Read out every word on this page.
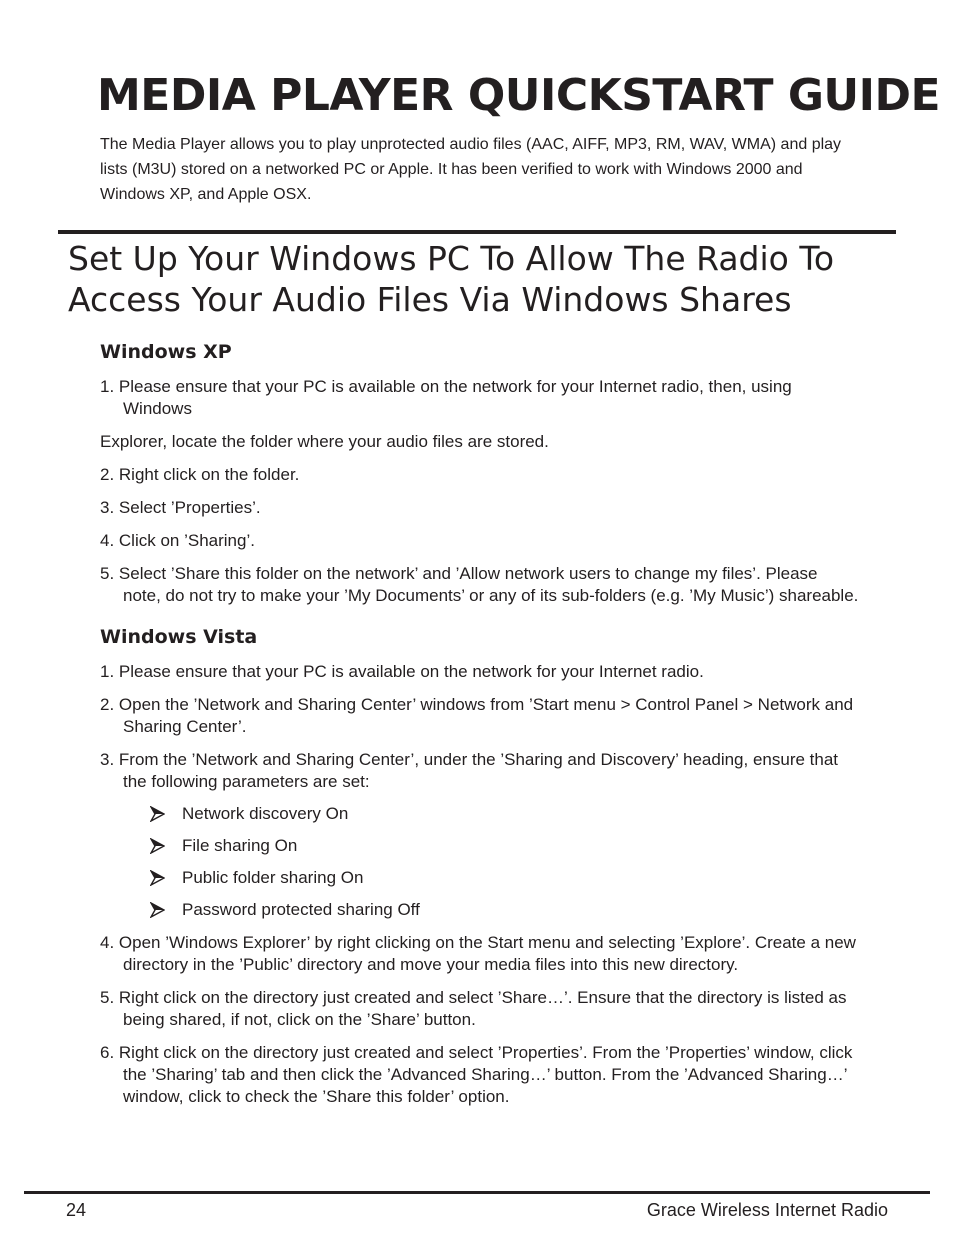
MEDIA PLAYER QUICKSTART GUIDE
The Media Player allows you to play unprotected audio files (AAC, AIFF, MP3, RM, WAV, WMA) and play lists (M3U) stored on a networked PC or Apple. It has been verified to work with Windows 2000 and Windows XP, and Apple OSX.
Set Up Your Windows PC To Allow The Radio To Access Your Audio Files Via Windows Shares
Windows XP
1. Please ensure that your PC is available on the network for your Internet radio, then, using Windows
Explorer, locate the folder where your audio files are stored.
2. Right click on the folder.
3. Select ’Properties’.
4. Click on ’Sharing’.
5. Select ’Share this folder on the network’ and ’Allow network users to change my files’. Please note, do not try to make your ’My Documents’ or any of its sub-folders (e.g. ’My Music’) shareable.
Windows Vista
1. Please ensure that your PC is available on the network for your Internet radio.
2. Open the ’Network and Sharing Center’ windows from ’Start menu > Control Panel > Network and Sharing Center’.
3. From the ’Network and Sharing Center’, under the ’Sharing and Discovery’ heading, ensure that the following parameters are set:
Network discovery On
File sharing On
Public folder sharing On
Password protected sharing Off
4. Open ’Windows Explorer’ by right clicking on the Start menu and selecting ’Explore’. Create a new directory in the ’Public’ directory and move your media files into this new directory.
5. Right click on the directory just created and select ’Share…’. Ensure that the directory is listed as being shared, if not, click on the ’Share’ button.
6. Right click on the directory just created and select ’Properties’. From the ’Properties’ window, click the ’Sharing’ tab and then click the ’Advanced Sharing…’ button. From the ’Advanced Sharing…’ window, click to check the ’Share this folder’ option.
24	Grace Wireless Internet Radio
